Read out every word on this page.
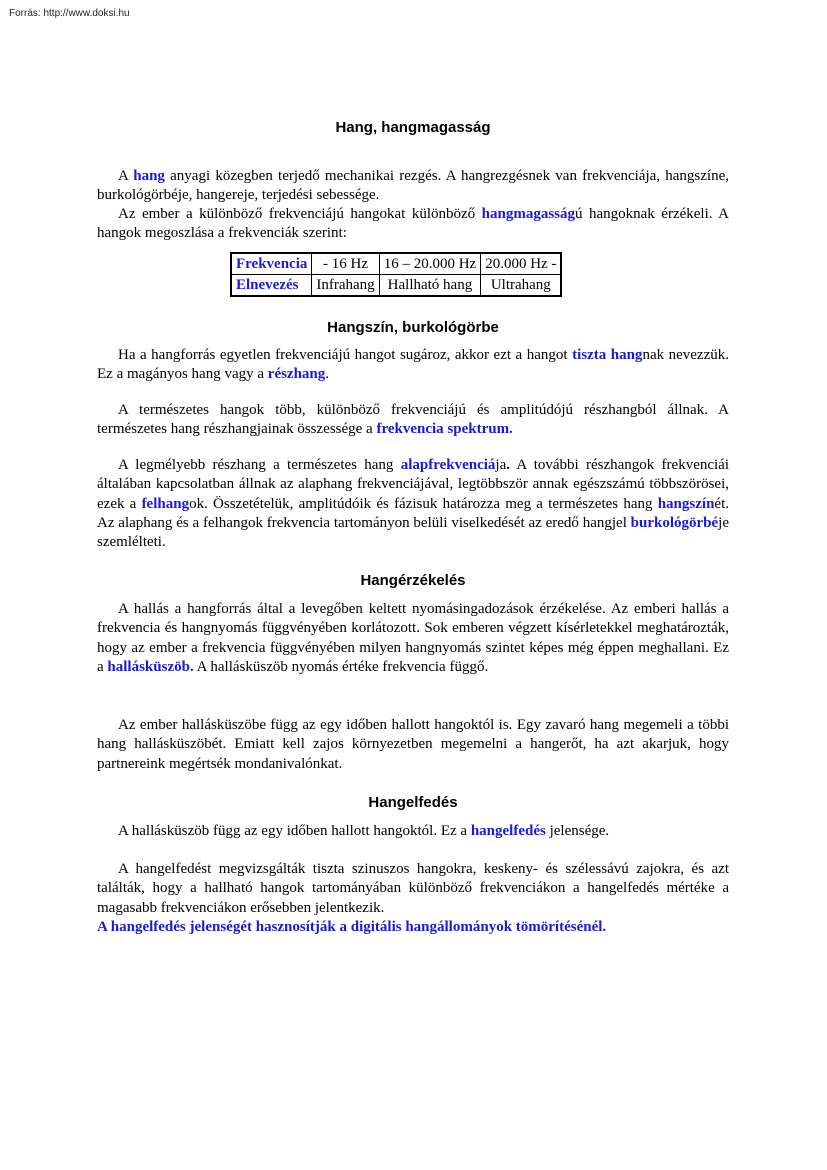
Forrás: http://www.doksi.hu
Hang, hangmagasság

A hang anyagi közegben terjedő mechanikai rezgés. A hangrezgésnek van frekvenciája, hangszíne, burkológörbéje, hangereje, terjedési sebessége.

Az ember a különböző frekvenciájú hangokat különböző hangmagasságú hangoknak érzékeli. A hangok megoszlása a frekvenciák szerint:

Frekvencia	- 16 Hz	16 – 20.000 Hz	20.000 Hz -
Elnevezés	Infrahang	Hallható hang	Ultrahang
Hangszín, burkológörbe

Ha a hangforrás egyetlen frekvenciájú hangot sugároz, akkor ezt a hangot tiszta hangnak nevezzük. Ez a magányos hang vagy a részhang.

A természetes hangok több, különböző frekvenciájú és amplitúdójú részhangból állnak. A természetes hang részhangjainak összessége a frekvencia spektrum.

A legmélyebb részhang a természetes hang alapfrekvenciája. A további részhangok frekvenciái általában kapcsolatban állnak az alaphang frekvenciájával, legtöbbször annak egészszámú többszörösei, ezek a felhangok. Összetételük, amplitúdóik és fázisuk határozza meg a természetes hang hangszínét. Az alaphang és a felhangok frekvencia tartományon belüli viselkedését az eredő hangjel burkológörbéje szemlélteti.

Hangérzékelés

A hallás a hangforrás által a levegőben keltett nyomásingadozások érzékelése. Az emberi hallás a frekvencia és hangnyomás függvényében korlátozott. Sok emberen végzett kísérletekkel meghatározták, hogy az ember a frekvencia függvényében milyen hangnyomás szintet képes még éppen meghallani. Ez a hallásküszöb. A hallásküszöb nyomás értéke frekvencia függő.

Az ember hallásküszöbe függ az egy időben hallott hangoktól is. Egy zavaró hang megemeli a többi hang hallásküszöbét. Emiatt kell zajos környezetben megemelni a hangerőt, ha azt akarjuk, hogy partnereink megértsék mondanivalónkat.

Hangelfedés

A hallásküszöb függ az egy időben hallott hangoktól. Ez a hangelfedés jelensége.

A hangelfedést megvizsgálták tiszta szinuszos hangokra, keskeny- és szélessávú zajokra, és azt találták, hogy a hallható hangok tartományában különböző frekvenciákon a hangelfedés mértéke a magasabb frekvenciákon erősebben jelentkezik.

A hangelfedés jelenségét hasznosítják a digitális hangállományok tömörítésénél.
